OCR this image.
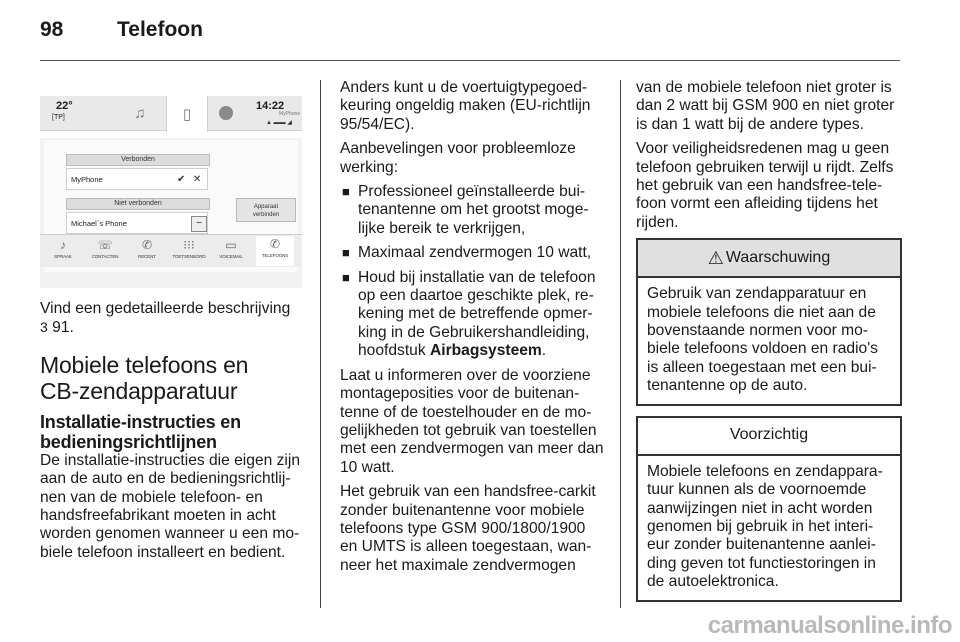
98	Telefoon
22°
[TP]	♫ ▯	14:22
MyPhone
▲ ▬▬ ◢
Verbonden
MyPhone	✔ ✕
Niet verbonden
Michael´s Phone	−
Apparaat
verbinden
♪
SPRAAK
☏
CONTACTEN
✆
RECENT
⁝⁝⁝
TOETSENBORD
▭
VOICEMAIL
✆
TELEFOONS

Vind een gedetailleerde beschrijving
3 91.

Mobiele telefoons en
CB-zendapparatuur
Installatie-instructies en
bedieningsrichtlijnen

De installatie-instructies die eigen zijn aan de auto en de bedieningsrichtlij-nen van de mobiele telefoon- en handsfreefabrikant moeten in acht worden genomen wanneer u een mo-biele telefoon installeert en bedient.

Anders kunt u de voertuigtypegoed-keuring ongeldig maken (EU-richtlijn 95/54/EC).

Aanbevelingen voor probleemloze werking:

■ Professioneel geïnstalleerde bui-tenantenne om het grootst moge-lijke bereik te verkrijgen,
■ Maximaal zendvermogen 10 watt,
■ Houd bij installatie van de telefoon op een daartoe geschikte plek, re-kening met de betreffende opmer-king in de Gebruikershandleiding, hoofdstuk Airbagsysteem.

Laat u informeren over de voorziene montageposities voor de buitenan-tenne of de toestelhouder en de mo-gelijkheden tot gebruik van toestellen met een zendvermogen van meer dan 10 watt.

Het gebruik van een handsfree-carkit zonder buitenantenne voor mobiele telefoons type GSM 900/1800/1900 en UMTS is alleen toegestaan, wan-neer het maximale zendvermogen

van de mobiele telefoon niet groter is dan 2 watt bij GSM 900 en niet groter is dan 1 watt bij de andere types.

Voor veiligheidsredenen mag u geen telefoon gebruiken terwijl u rijdt. Zelfs het gebruik van een handsfree-tele-foon vormt een afleiding tijdens het rijden.

⚠ Waarschuwing
Gebruik van zendapparatuur en mobiele telefoons die niet aan de bovenstaande normen voor mo-biele telefoons voldoen en radio's is alleen toegestaan met een bui-tenantenne op de auto.
Voorzichtig
Mobiele telefoons en zendappara-tuur kunnen als de voornoemde aanwijzingen niet in acht worden genomen bij gebruik in het interi-eur zonder buitenantenne aanlei-ding geven tot functiestoringen in de autoelektronica.
carmanualsonline.info
